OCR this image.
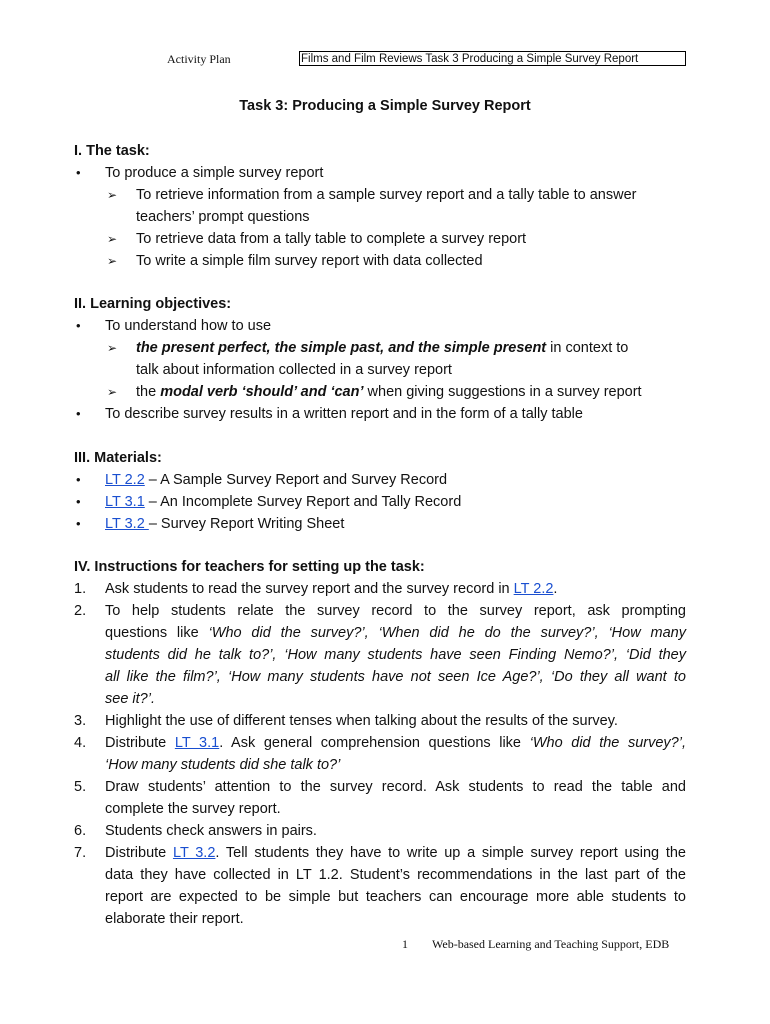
Activity Plan	Films and Film Reviews Task 3 Producing a Simple Survey Report
Task 3: Producing a Simple Survey Report
I. The task:
• To produce a simple survey report
➢ To retrieve information from a sample survey report and a tally table to answer
teachers’ prompt questions
➢ To retrieve data from a tally table to complete a survey report
➢ To write a simple film survey report with data collected
II. Learning objectives:
• To understand how to use
➢ the present perfect, the simple past, and the simple present in context to
talk about information collected in a survey report
➢ the modal verb ‘should’ and ‘can’ when giving suggestions in a survey report
• To describe survey results in a written report and in the form of a tally table
III. Materials:
• LT 2.2 – A Sample Survey Report and Survey Record
• LT 3.1 – An Incomplete Survey Report and Tally Record
• LT 3.2 – Survey Report Writing Sheet
IV. Instructions for teachers for setting up the task:
1. Ask students to read the survey report and the survey record in LT 2.2.
2. To help students relate the survey record to the survey report, ask prompting
questions like ‘Who did the survey?’, ‘When did he do the survey?’, ‘How many
students did he talk to?’, ‘How many students have seen Finding Nemo?’, ‘Did they
all like the film?’, ‘How many students have not seen Ice Age?’, ‘Do they all want to
see it?’.
3. Highlight the use of different tenses when talking about the results of the survey.
4. Distribute LT 3.1. Ask general comprehension questions like ‘Who did the survey?’,
‘How many students did she talk to?’
5. Draw students’ attention to the survey record. Ask students to read the table and
complete the survey report.
6. Students check answers in pairs.
7. Distribute LT 3.2. Tell students they have to write up a simple survey report using the
data they have collected in LT 1.2. Student’s recommendations in the last part of the
report are expected to be simple but teachers can encourage more able students to
elaborate their report.
1 Web-based Learning and Teaching Support, EDB
